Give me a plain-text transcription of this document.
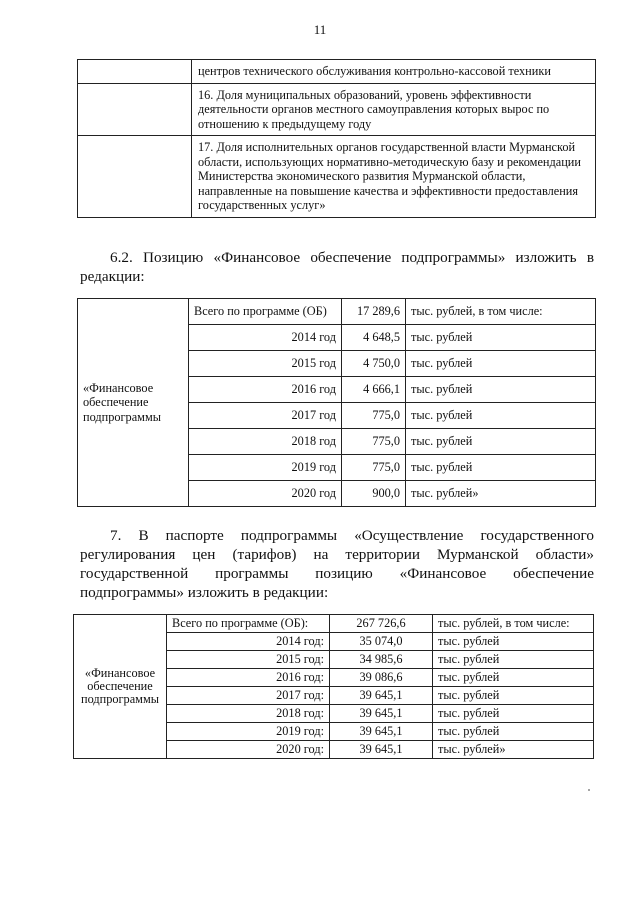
11
	центров технического обслуживания контрольно-кассовой техники
	16. Доля муниципальных образований, уровень эффективности деятельности органов местного самоуправления которых вырос по отношению к предыдущему году
	17. Доля исполнительных органов государственной власти Мурманской области, использующих нормативно-методическую базу и рекомендации Министерства экономического развития Мурманской области, направленные на повышение качества и эффективности предоставления государственных услуг»
6.2. Позицию «Финансовое обеспечение подпрограммы» изложить в
редакции:
«Финансовое обеспечение подпрограммы	Всего по программе (ОБ)	17 289,6	тыс. рублей, в том числе:
	2014 год	4 648,5	тыс. рублей
	2015 год	4 750,0	тыс. рублей
	2016 год	4 666,1	тыс. рублей
	2017 год	775,0	тыс. рублей
	2018 год	775,0	тыс. рублей
	2019 год	775,0	тыс. рублей
	2020 год	900,0	тыс. рублей»
7. В паспорте подпрограммы «Осуществление государственного
регулирования цен (тарифов) на территории Мурманской области»
государственной программы позицию «Финансовое обеспечение
подпрограммы» изложить в редакции:
«Финансовое обеспечение подпрограммы	Всего по программе (ОБ):	267 726,6	тыс. рублей, в том числе:
	2014 год:	35 074,0	тыс. рублей
	2015 год:	34 985,6	тыс. рублей
	2016 год:	39 086,6	тыс. рублей
	2017 год:	39 645,1	тыс. рублей
	2018 год:	39 645,1	тыс. рублей
	2019 год:	39 645,1	тыс. рублей
	2020 год:	39 645,1	тыс. рублей»
